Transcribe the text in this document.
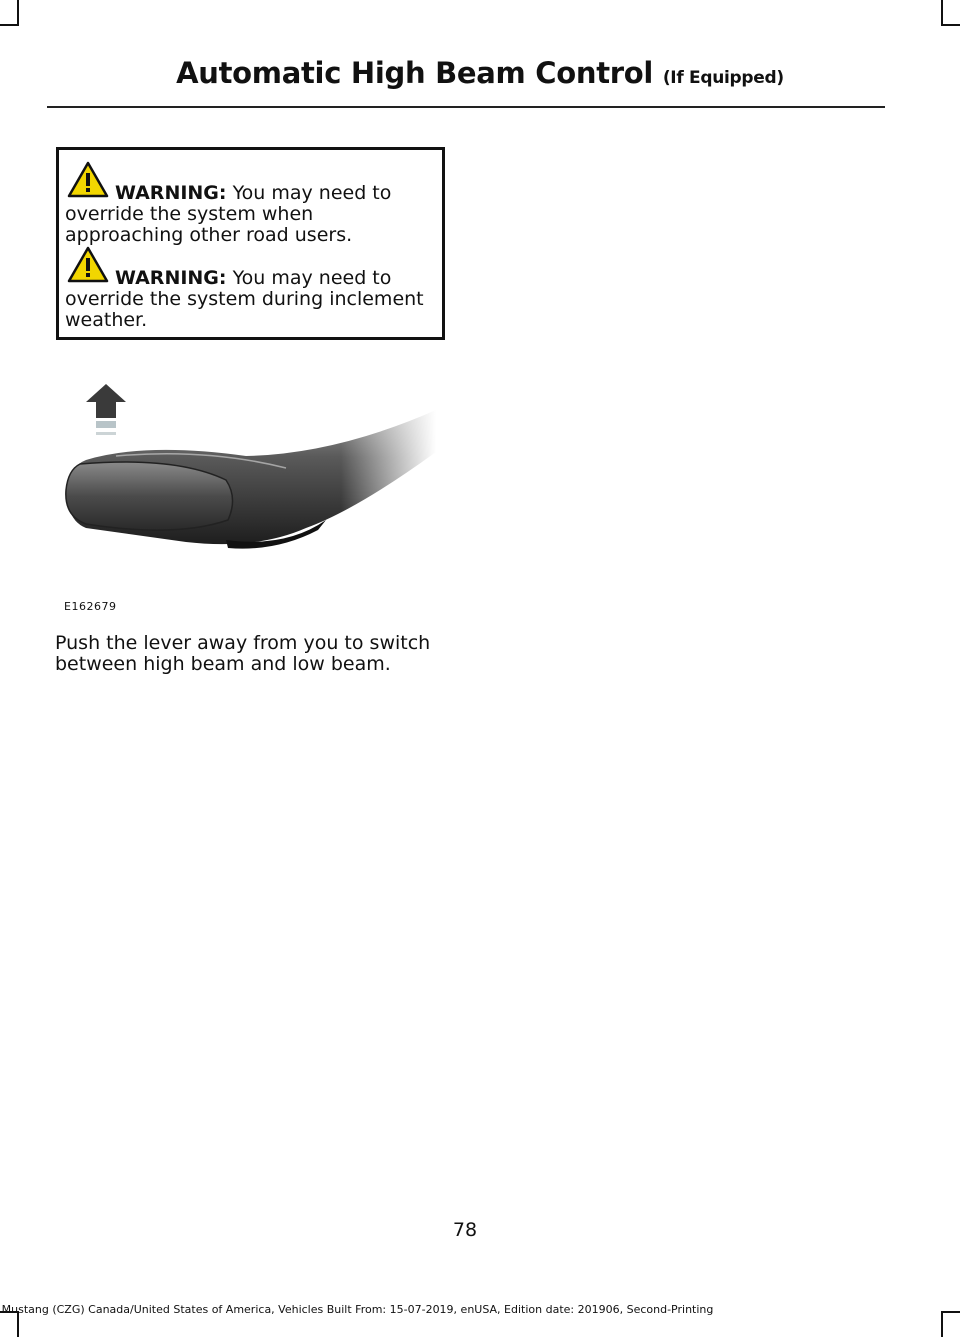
Automatic High Beam Control (If Equipped)
WARNING: You may need to
override the system when approaching other road users.
WARNING: You may need to
override the system during inclement weather.
E162679
Push the lever away from you to switch between high beam and low beam.
78
Mustang (CZG) Canada/United States of America, Vehicles Built From: 15-07-2019, enUSA, Edition date: 201906, Second-Printing
